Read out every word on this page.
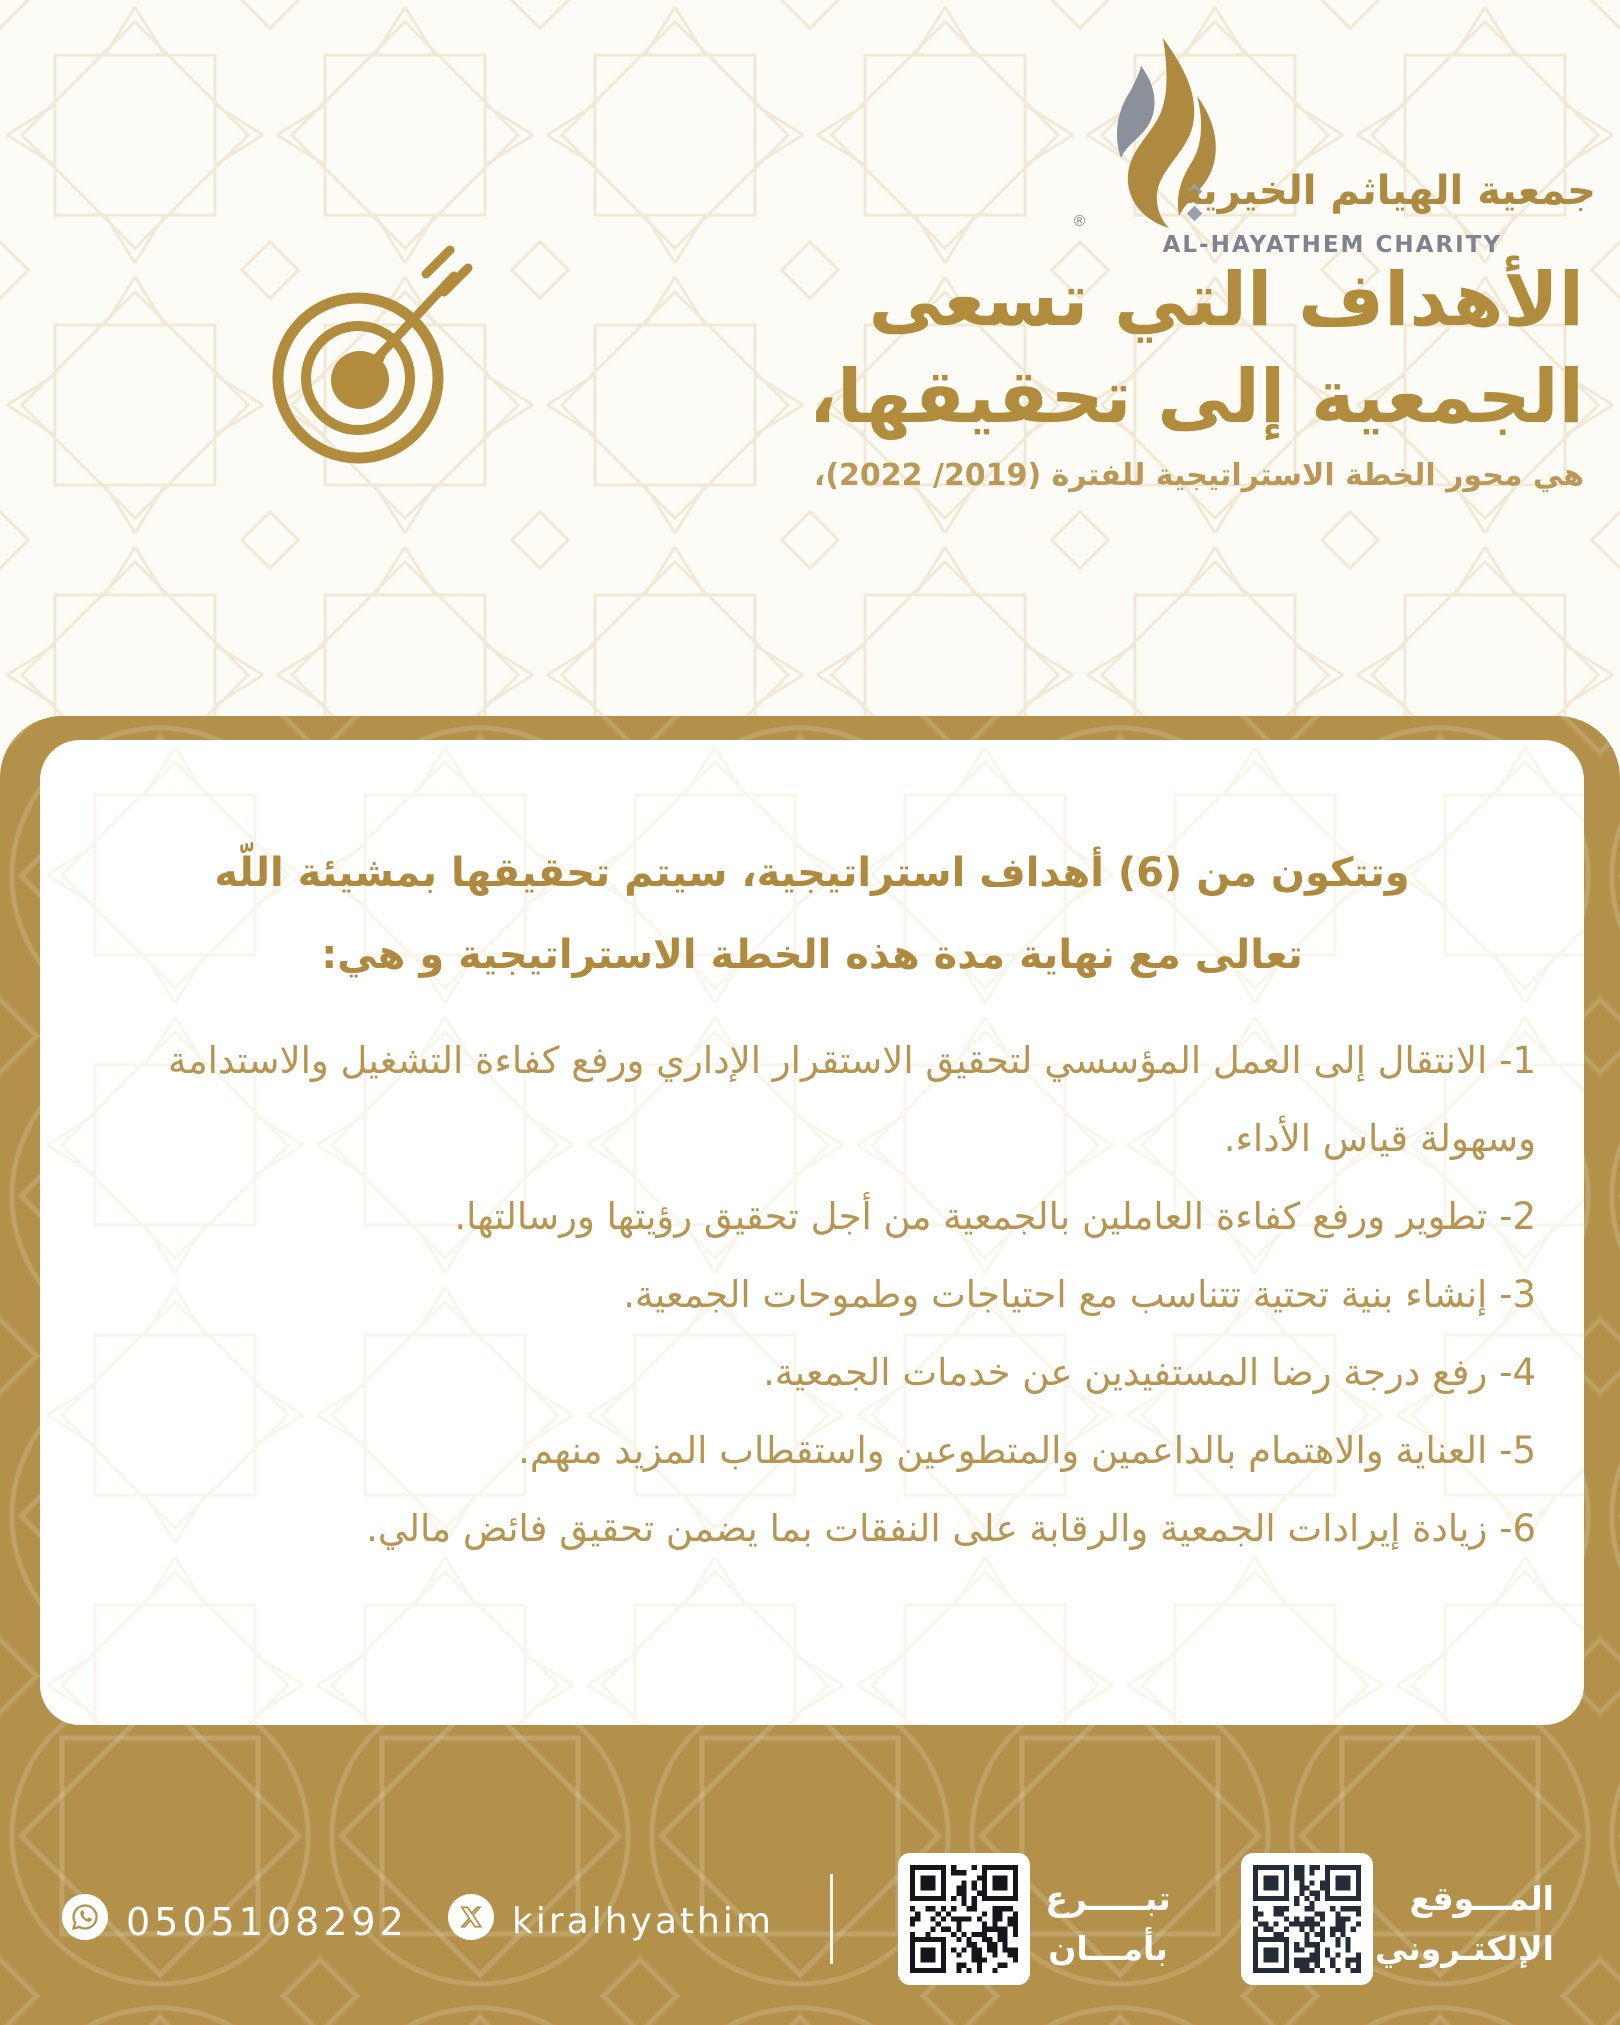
®
جمعية الهياثم الخيريه
AL-HAYATHEM CHARITY
الأهداف التي تسعى
الجمعية إلى تحقيقها،
هي محور الخطة الاستراتيجية للفترة (2019/ 2022)،

وتتكون من (6) أهداف استراتيجية، سيتم تحقيقها بمشيئة اللّه تعالى مع نهاية مدة هذه الخطة الاستراتيجية و هي:

1- الانتقال إلى العمل المؤسسي لتحقيق الاستقرار الإداري ورفع كفاءة التشغيل والاستدامة وسهولة قياس الأداء.
2- تطوير ورفع كفاءة العاملين بالجمعية من أجل تحقيق رؤيتها ورسالتها.
3- إنشاء بنية تحتية تتناسب مع احتياجات وطموحات الجمعية.
4- رفع درجة رضا المستفيدين عن خدمات الجمعية.
5- العناية والاهتمام بالداعمين والمتطوعين واستقطاب المزيد منهم.
6- زيادة إيرادات الجمعية والرقابة على النفقات بما يضمن تحقيق فائض مالي.
0505108292	kiralhyathim
تبـــــرع
بأمـــان
المـــوقع
الإلكتـروني
